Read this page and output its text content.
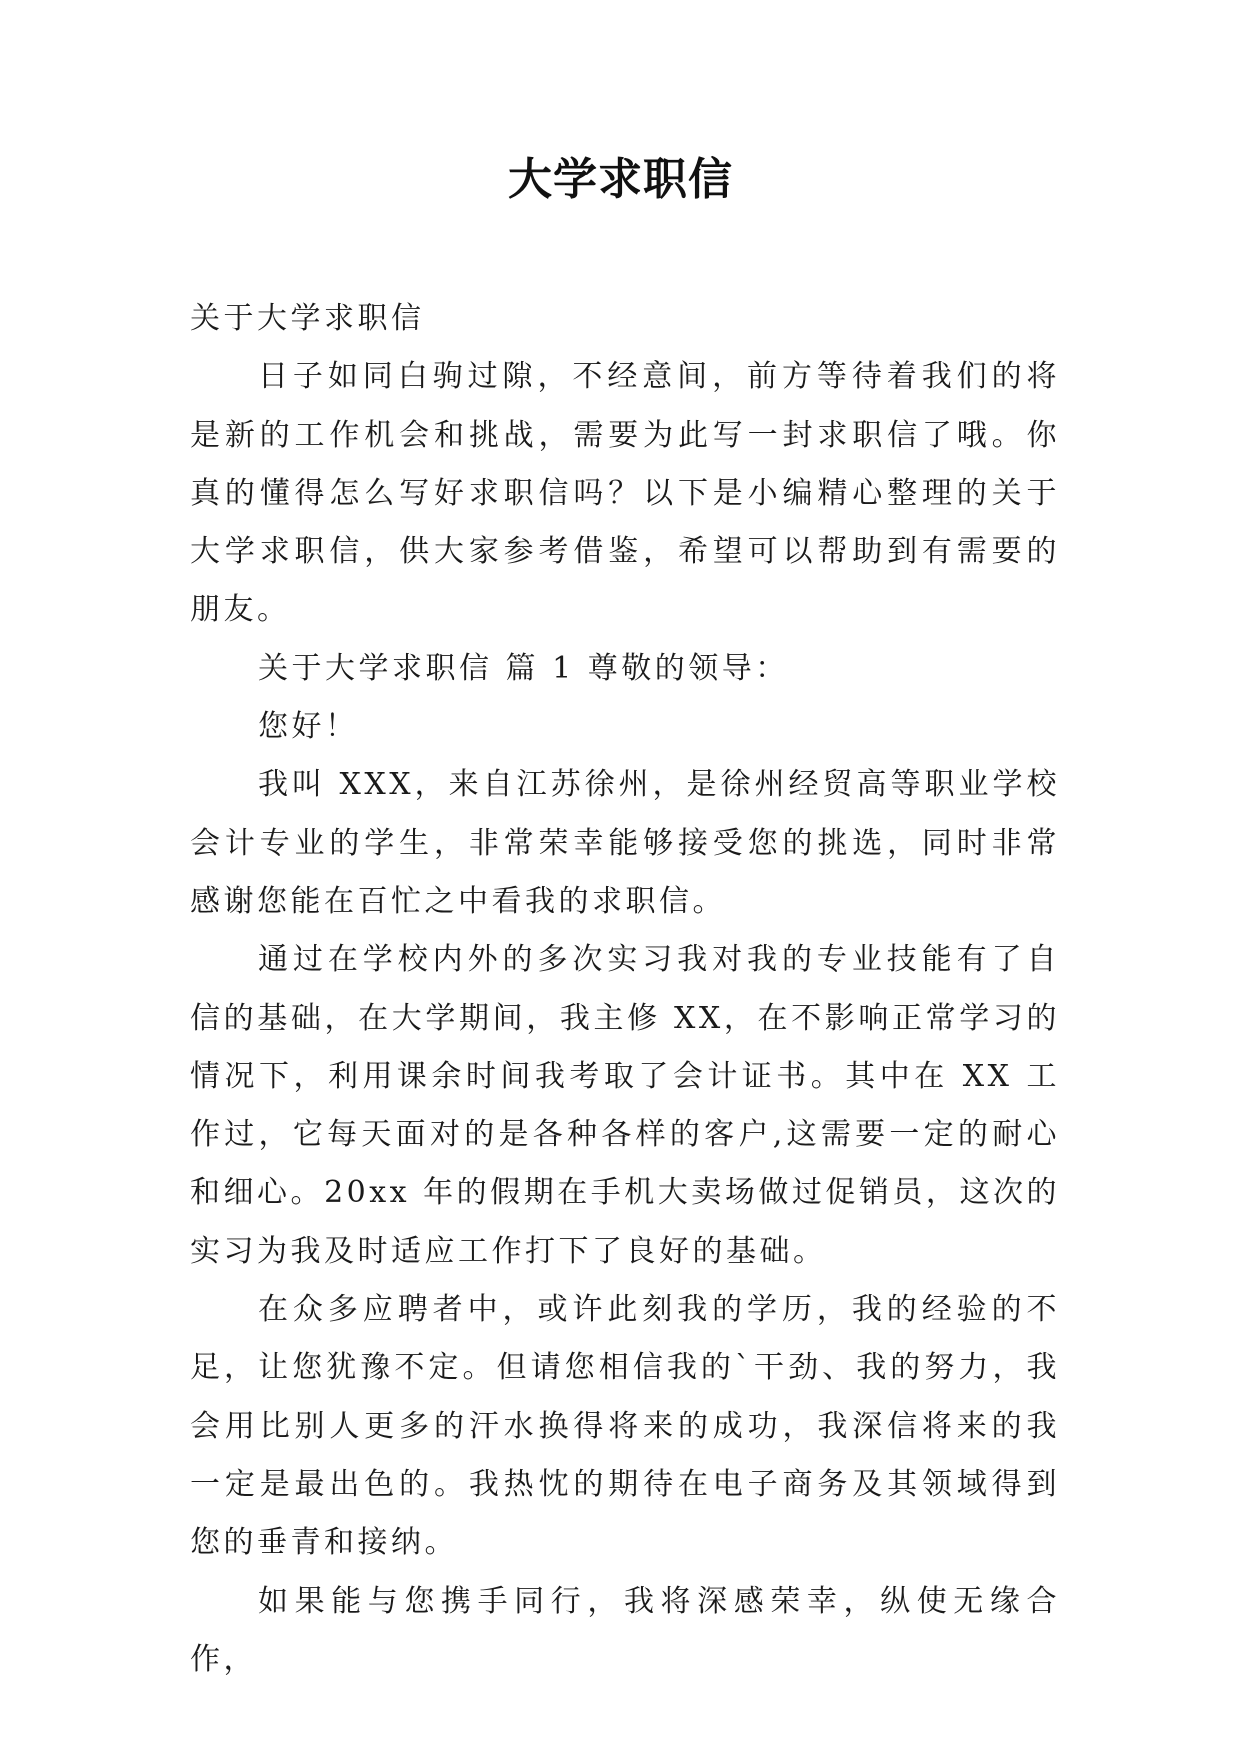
大学求职信

关于大学求职信

日子如同白驹过隙，不经意间，前方等待着我们的将是新的工作机会和挑战，需要为此写一封求职信了哦。你真的懂得怎么写好求职信吗？以下是小编精心整理的关于大学求职信，供大家参考借鉴，希望可以帮助到有需要的朋友。

关于大学求职信 篇 1 尊敬的领导：

您好！

我叫 XXX，来自江苏徐州，是徐州经贸高等职业学校会计专业的学生，非常荣幸能够接受您的挑选，同时非常感谢您能在百忙之中看我的求职信。

通过在学校内外的多次实习我对我的专业技能有了自信的基础，在大学期间，我主修 XX，在不影响正常学习的情况下，利用课余时间我考取了会计证书。其中在 XX 工作过，它每天面对的是各种各样的客户,这需要一定的耐心和细心。20xx 年的假期在手机大卖场做过促销员，这次的实习为我及时适应工作打下了良好的基础。

在众多应聘者中，或许此刻我的学历，我的经验的不足，让您犹豫不定。但请您相信我的`干劲、我的努力，我会用比别人更多的汗水换得将来的成功，我深信将来的我一定是最出色的。我热忱的期待在电子商务及其领域得到您的垂青和接纳。

如果能与您携手同行，我将深感荣幸，纵使无缘合作，
